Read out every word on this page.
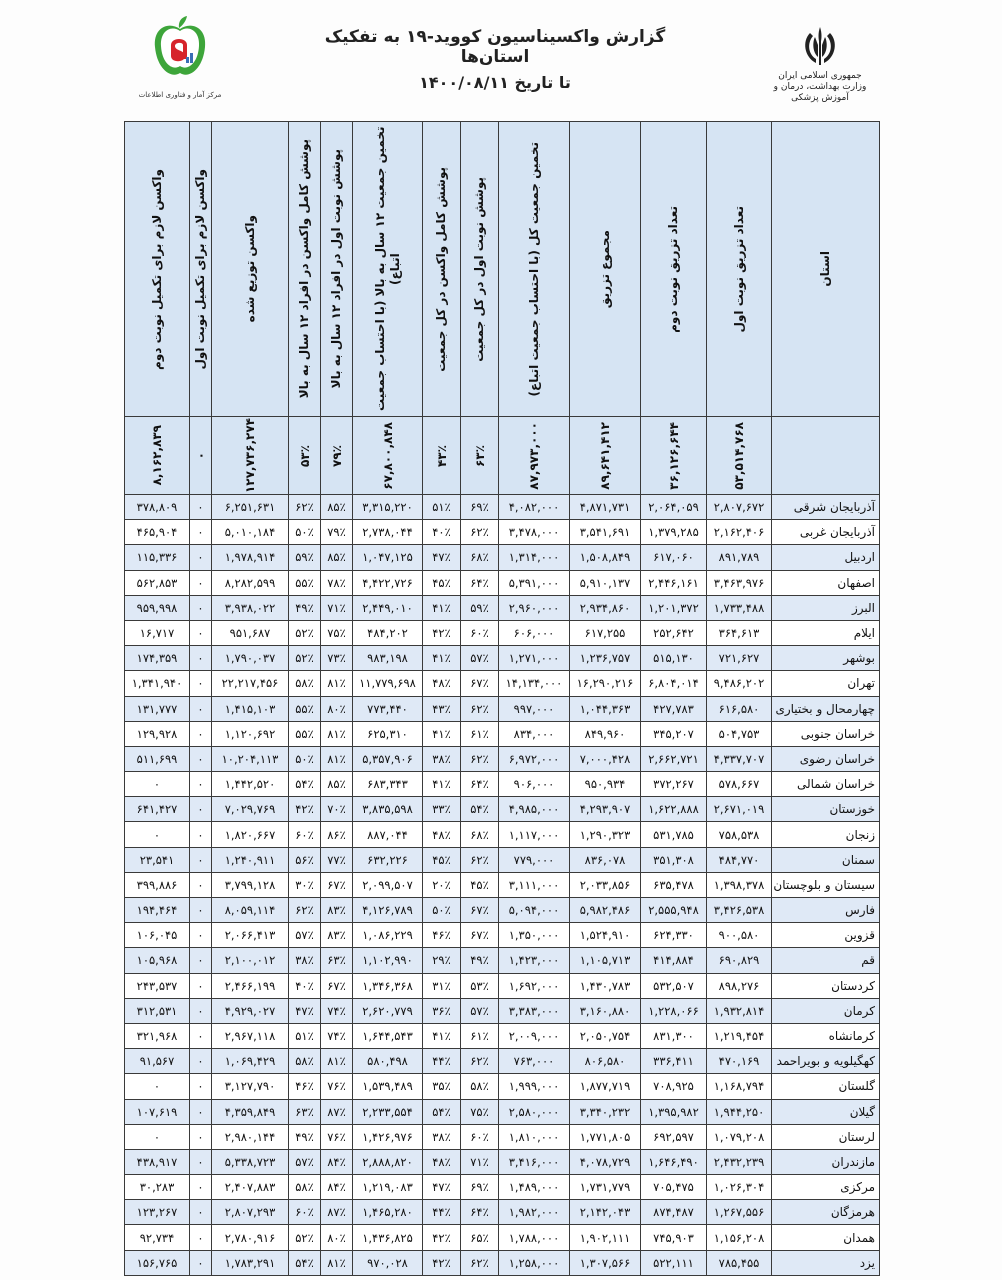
مرکز آمار و فناوری اطلاعات
گزارش واکسیناسیون کووید-۱۹ به تفکیک استان‌ها
تا تاریخ ۱۴۰۰/۰۸/۱۱	جمهوری اسلامی ایران
وزارت بهداشت، درمان و آموزش پزشکی
استان	تعداد تزریق نوبت اول	تعداد تزریق نوبت دوم	مجموع تزریق	تخمین جمعیت کل (با احتساب جمعیت اتباع)	پوشش نوبت اول در کل جمعیت	پوشش کامل واکسن در کل جمعیت	تخمین جمعیت ۱۲ سال به بالا (با احتساب جمعیت اتباع)	پوشش نوبت اول در افراد ۱۲ سال به بالا	پوشش کامل واکسن در افراد ۱۲ سال به بالا	واکسن توزیع شده	واکسن لازم برای تکمیل نوبت اول	واکسن لازم برای تکمیل نوبت دوم

	۵۳,۵۱۴,۷۶۸	۳۶,۱۲۶,۶۴۴	۸۹,۶۴۱,۴۱۲	۸۷,۹۷۳,۰۰۰	۶۳٪	۴۳٪	۶۷,۸۰۰,۸۴۸	۷۹٪	۵۳٪	۱۲۷,۷۳۶,۲۷۴	۰	۸,۱۶۲,۸۳۹

آذربایجان شرقی	۲,۸۰۷,۶۷۲	۲,۰۶۴,۰۵۹	۴,۸۷۱,۷۳۱	۴,۰۸۲,۰۰۰	۶۹٪	۵۱٪	۳,۳۱۵,۲۲۰	۸۵٪	۶۲٪	۶,۲۵۱,۶۳۱	۰	۳۷۸,۸۰۹
آذربایجان غربی	۲,۱۶۲,۴۰۶	۱,۳۷۹,۲۸۵	۳,۵۴۱,۶۹۱	۳,۴۷۸,۰۰۰	۶۲٪	۴۰٪	۲,۷۳۸,۰۴۴	۷۹٪	۵۰٪	۵,۰۱۰,۱۸۴	۰	۴۶۵,۹۰۴
اردبیل	۸۹۱,۷۸۹	۶۱۷,۰۶۰	۱,۵۰۸,۸۴۹	۱,۳۱۴,۰۰۰	۶۸٪	۴۷٪	۱,۰۴۷,۱۲۵	۸۵٪	۵۹٪	۱,۹۷۸,۹۱۴	۰	۱۱۵,۳۳۶
اصفهان	۳,۴۶۳,۹۷۶	۲,۴۴۶,۱۶۱	۵,۹۱۰,۱۳۷	۵,۳۹۱,۰۰۰	۶۴٪	۴۵٪	۴,۴۲۲,۷۲۶	۷۸٪	۵۵٪	۸,۲۸۲,۵۹۹	۰	۵۶۲,۸۵۳
البرز	۱,۷۳۳,۴۸۸	۱,۲۰۱,۳۷۲	۲,۹۳۴,۸۶۰	۲,۹۶۰,۰۰۰	۵۹٪	۴۱٪	۲,۴۴۹,۰۱۰	۷۱٪	۴۹٪	۳,۹۳۸,۰۲۲	۰	۹۵۹,۹۹۸
ایلام	۳۶۴,۶۱۳	۲۵۲,۶۴۲	۶۱۷,۲۵۵	۶۰۶,۰۰۰	۶۰٪	۴۲٪	۴۸۴,۲۰۲	۷۵٪	۵۲٪	۹۵۱,۶۸۷	۰	۱۶,۷۱۷
بوشهر	۷۲۱,۶۲۷	۵۱۵,۱۳۰	۱,۲۳۶,۷۵۷	۱,۲۷۱,۰۰۰	۵۷٪	۴۱٪	۹۸۳,۱۹۸	۷۳٪	۵۲٪	۱,۷۹۰,۰۳۷	۰	۱۷۴,۳۵۹
تهران	۹,۴۸۶,۲۰۲	۶,۸۰۴,۰۱۴	۱۶,۲۹۰,۲۱۶	۱۴,۱۳۴,۰۰۰	۶۷٪	۴۸٪	۱۱,۷۷۹,۶۹۸	۸۱٪	۵۸٪	۲۲,۲۱۷,۴۵۶	۰	۱,۳۴۱,۹۴۰
چهارمحال و بختیاری	۶۱۶,۵۸۰	۴۲۷,۷۸۳	۱,۰۴۴,۳۶۳	۹۹۷,۰۰۰	۶۲٪	۴۳٪	۷۷۳,۴۴۰	۸۰٪	۵۵٪	۱,۴۱۵,۱۰۳	۰	۱۳۱,۷۷۷
خراسان جنوبی	۵۰۴,۷۵۳	۳۴۵,۲۰۷	۸۴۹,۹۶۰	۸۳۴,۰۰۰	۶۱٪	۴۱٪	۶۲۵,۳۱۰	۸۱٪	۵۵٪	۱,۱۲۰,۶۹۲	۰	۱۲۹,۹۲۸
خراسان رضوی	۴,۳۳۷,۷۰۷	۲,۶۶۲,۷۲۱	۷,۰۰۰,۴۲۸	۶,۹۷۲,۰۰۰	۶۲٪	۳۸٪	۵,۳۵۷,۹۰۶	۸۱٪	۵۰٪	۱۰,۲۰۴,۱۱۳	۰	۵۱۱,۶۹۹
خراسان شمالی	۵۷۸,۶۶۷	۳۷۲,۲۶۷	۹۵۰,۹۳۴	۹۰۶,۰۰۰	۶۴٪	۴۱٪	۶۸۳,۳۴۳	۸۵٪	۵۴٪	۱,۴۴۲,۵۲۰	۰	۰
خوزستان	۲,۶۷۱,۰۱۹	۱,۶۲۲,۸۸۸	۴,۲۹۳,۹۰۷	۴,۹۸۵,۰۰۰	۵۴٪	۳۳٪	۳,۸۳۵,۵۹۸	۷۰٪	۴۲٪	۷,۰۲۹,۷۶۹	۰	۶۴۱,۴۲۷
زنجان	۷۵۸,۵۳۸	۵۳۱,۷۸۵	۱,۲۹۰,۳۲۳	۱,۱۱۷,۰۰۰	۶۸٪	۴۸٪	۸۸۷,۰۴۴	۸۶٪	۶۰٪	۱,۸۲۰,۶۶۷	۰	۰
سمنان	۴۸۴,۷۷۰	۳۵۱,۳۰۸	۸۳۶,۰۷۸	۷۷۹,۰۰۰	۶۲٪	۴۵٪	۶۳۲,۲۲۶	۷۷٪	۵۶٪	۱,۲۴۰,۹۱۱	۰	۲۳,۵۴۱
سیستان و بلوچستان	۱,۳۹۸,۳۷۸	۶۳۵,۴۷۸	۲,۰۳۳,۸۵۶	۳,۱۱۱,۰۰۰	۴۵٪	۲۰٪	۲,۰۹۹,۵۰۷	۶۷٪	۳۰٪	۳,۷۹۹,۱۲۸	۰	۳۹۹,۸۸۶
فارس	۳,۴۲۶,۵۳۸	۲,۵۵۵,۹۴۸	۵,۹۸۲,۴۸۶	۵,۰۹۴,۰۰۰	۶۷٪	۵۰٪	۴,۱۲۶,۷۸۹	۸۳٪	۶۲٪	۸,۰۵۹,۱۱۴	۰	۱۹۴,۴۶۴
قزوین	۹۰۰,۵۸۰	۶۲۴,۳۳۰	۱,۵۲۴,۹۱۰	۱,۳۵۰,۰۰۰	۶۷٪	۴۶٪	۱,۰۸۶,۲۲۹	۸۳٪	۵۷٪	۲,۰۶۶,۴۱۳	۰	۱۰۶,۰۴۵
قم	۶۹۰,۸۲۹	۴۱۴,۸۸۴	۱,۱۰۵,۷۱۳	۱,۴۲۳,۰۰۰	۴۹٪	۲۹٪	۱,۱۰۲,۹۹۰	۶۳٪	۳۸٪	۲,۱۰۰,۰۱۲	۰	۱۰۵,۹۶۸
کردستان	۸۹۸,۲۷۶	۵۳۲,۵۰۷	۱,۴۳۰,۷۸۳	۱,۶۹۲,۰۰۰	۵۳٪	۳۱٪	۱,۳۴۶,۳۶۸	۶۷٪	۴۰٪	۲,۴۶۶,۱۹۹	۰	۲۴۳,۵۳۷
کرمان	۱,۹۳۲,۸۱۴	۱,۲۲۸,۰۶۶	۳,۱۶۰,۸۸۰	۳,۳۸۳,۰۰۰	۵۷٪	۳۶٪	۲,۶۲۰,۷۷۹	۷۴٪	۴۷٪	۴,۹۲۹,۰۲۷	۰	۳۱۲,۵۳۱
کرمانشاه	۱,۲۱۹,۴۵۴	۸۳۱,۳۰۰	۲,۰۵۰,۷۵۴	۲,۰۰۹,۰۰۰	۶۱٪	۴۱٪	۱,۶۴۴,۵۴۳	۷۴٪	۵۱٪	۲,۹۶۷,۱۱۸	۰	۳۲۱,۹۶۸
کهگیلویه و بویراحمد	۴۷۰,۱۶۹	۳۳۶,۴۱۱	۸۰۶,۵۸۰	۷۶۳,۰۰۰	۶۲٪	۴۴٪	۵۸۰,۴۹۸	۸۱٪	۵۸٪	۱,۰۶۹,۴۲۹	۰	۹۱,۵۶۷
گلستان	۱,۱۶۸,۷۹۴	۷۰۸,۹۲۵	۱,۸۷۷,۷۱۹	۱,۹۹۹,۰۰۰	۵۸٪	۳۵٪	۱,۵۳۹,۴۸۹	۷۶٪	۴۶٪	۳,۱۲۷,۷۹۰	۰	۰
گیلان	۱,۹۴۴,۲۵۰	۱,۳۹۵,۹۸۲	۳,۳۴۰,۲۳۲	۲,۵۸۰,۰۰۰	۷۵٪	۵۴٪	۲,۲۳۳,۵۵۴	۸۷٪	۶۳٪	۴,۳۵۹,۸۴۹	۰	۱۰۷,۶۱۹
لرستان	۱,۰۷۹,۲۰۸	۶۹۲,۵۹۷	۱,۷۷۱,۸۰۵	۱,۸۱۰,۰۰۰	۶۰٪	۳۸٪	۱,۴۲۶,۹۷۶	۷۶٪	۴۹٪	۲,۹۸۰,۱۴۴	۰	۰
مازندران	۲,۴۳۲,۲۳۹	۱,۶۴۶,۴۹۰	۴,۰۷۸,۷۲۹	۳,۴۱۶,۰۰۰	۷۱٪	۴۸٪	۲,۸۸۸,۸۲۰	۸۴٪	۵۷٪	۵,۳۳۸,۷۲۳	۰	۴۳۸,۹۱۷
مرکزی	۱,۰۲۶,۳۰۴	۷۰۵,۴۷۵	۱,۷۳۱,۷۷۹	۱,۴۸۹,۰۰۰	۶۹٪	۴۷٪	۱,۲۱۹,۰۸۳	۸۴٪	۵۸٪	۲,۴۰۷,۸۸۳	۰	۳۰,۲۸۳
هرمزگان	۱,۲۶۷,۵۵۶	۸۷۴,۴۸۷	۲,۱۴۲,۰۴۳	۱,۹۸۲,۰۰۰	۶۴٪	۴۴٪	۱,۴۶۵,۲۸۰	۸۷٪	۶۰٪	۲,۸۰۷,۲۹۳	۰	۱۲۳,۲۶۷
همدان	۱,۱۵۶,۲۰۸	۷۴۵,۹۰۳	۱,۹۰۲,۱۱۱	۱,۷۸۸,۰۰۰	۶۵٪	۴۲٪	۱,۴۳۶,۸۲۵	۸۰٪	۵۲٪	۲,۷۸۰,۹۱۶	۰	۹۲,۷۳۴
یزد	۷۸۵,۴۵۵	۵۲۲,۱۱۱	۱,۳۰۷,۵۶۶	۱,۲۵۸,۰۰۰	۶۲٪	۴۲٪	۹۷۰,۰۲۸	۸۱٪	۵۴٪	۱,۷۸۳,۲۹۱	۰	۱۵۶,۷۶۵
